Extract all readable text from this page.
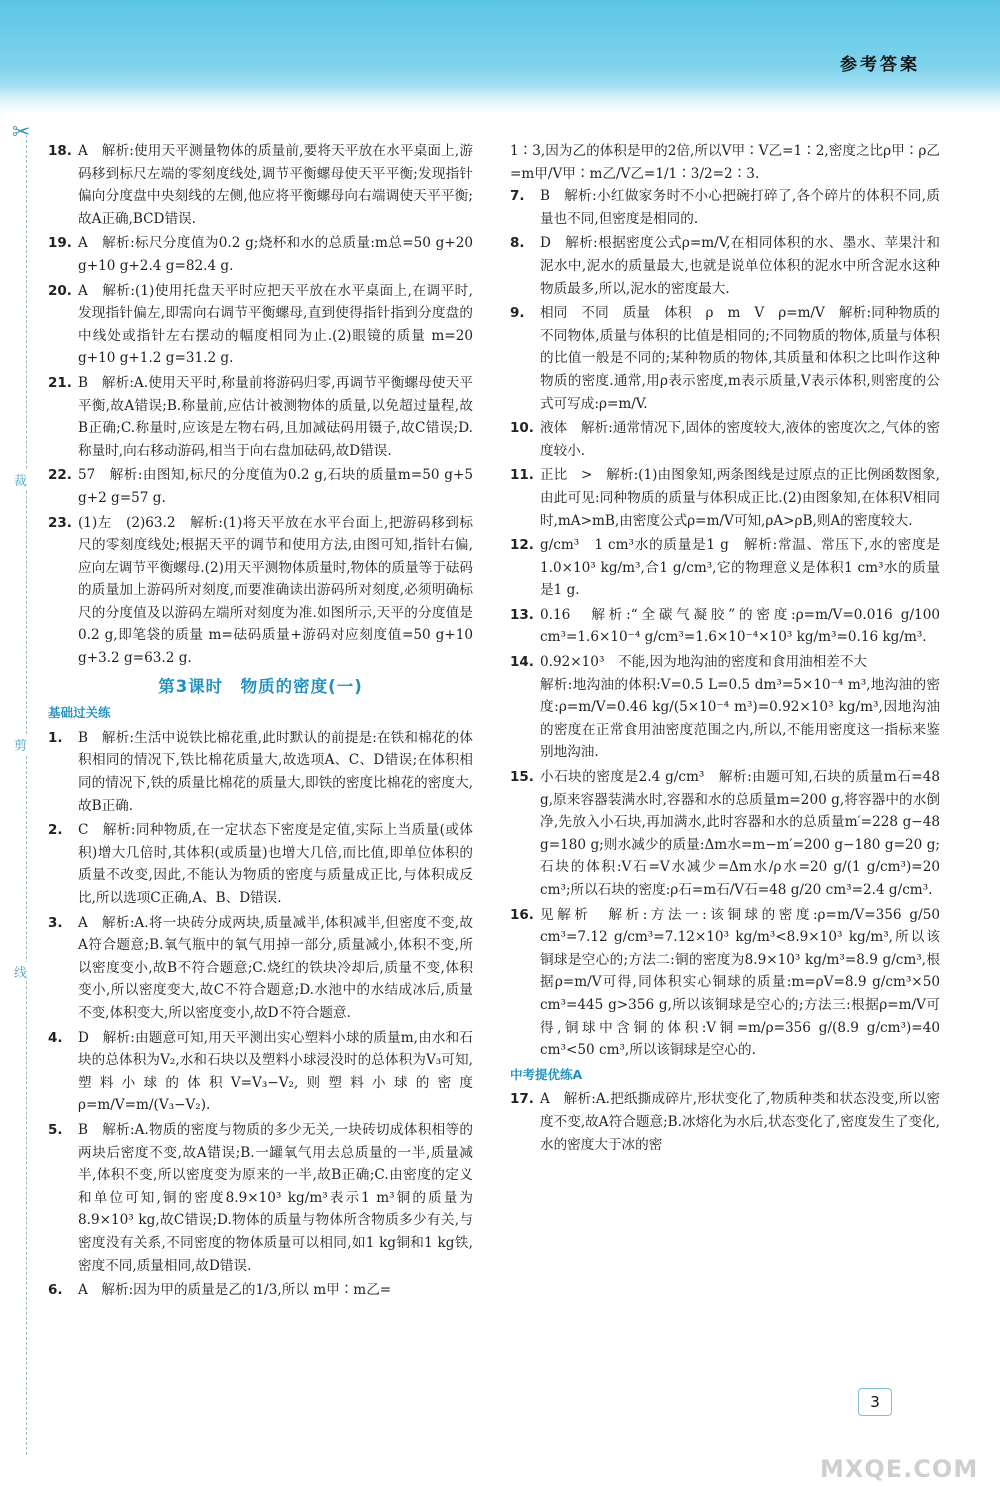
参考答案
✂
裁
剪
线
18. A　解析:使用天平测量物体的质量前,要将天平放在水平桌面上,游码移到标尺左端的零刻度线处,调节平衡螺母使天平平衡;发现指针偏向分度盘中央刻线的左侧,他应将平衡螺母向右端调使天平平衡;故A正确,BCD错误.
19. A　解析:标尺分度值为0.2 g;烧杯和水的总质量:m总=50 g+20 g+10 g+2.4 g=82.4 g.
20. A　解析:(1)使用托盘天平时应把天平放在水平桌面上,在调平时,发现指针偏左,即需向右调节平衡螺母,直到使得指针指到分度盘的中线处或指针左右摆动的幅度相同为止.(2)眼镜的质量 m=20 g+10 g+1.2 g=31.2 g.
21. B　解析:A.使用天平时,称量前将游码归零,再调节平衡螺母使天平平衡,故A错误;B.称量前,应估计被测物体的质量,以免超过量程,故B正确;C.称量时,应该是左物右码,且加减砝码用镊子,故C错误;D.称量时,向右移动游码,相当于向右盘加砝码,故D错误.
22. 57　解析:由图知,标尺的分度值为0.2 g,石块的质量m=50 g+5 g+2 g=57 g.
23. (1)左　(2)63.2　解析:(1)将天平放在水平台面上,把游码移到标尺的零刻度线处;根据天平的调节和使用方法,由图可知,指针右偏,应向左调节平衡螺母.(2)用天平测物体质量时,物体的质量等于砝码的质量加上游码所对刻度,而要准确读出游码所对刻度,必须明确标尺的分度值及以游码左端所对刻度为准.如图所示,天平的分度值是0.2 g,即笔袋的质量 m=砝码质量+游码对应刻度值=50 g+10 g+3.2 g=63.2 g.
第3课时　物质的密度(一)
基础过关练
1.	B　解析:生活中说铁比棉花重,此时默认的前提是:在铁和棉花的体积相同的情况下,铁比棉花质量大,故选项A、C、D错误;在体积相同的情况下,铁的质量比棉花的质量大,即铁的密度比棉花的密度大,故B正确.
2.	C　解析:同种物质,在一定状态下密度是定值,实际上当质量(或体积)增大几倍时,其体积(或质量)也增大几倍,而比值,即单位体积的质量不改变,因此,不能认为物质的密度与质量成正比,与体积成反比,所以选项C正确,A、B、D错误.
3.	A　解析:A.将一块砖分成两块,质量减半,体积减半,但密度不变,故A符合题意;B.氧气瓶中的氧气用掉一部分,质量减小,体积不变,所以密度变小,故B不符合题意;C.烧红的铁块冷却后,质量不变,体积变小,所以密度变大,故C不符合题意;D.水池中的水结成冰后,质量不变,体积变大,所以密度变小,故D不符合题意.
4.	D　解析:由题意可知,用天平测出实心塑料小球的质量m,由水和石块的总体积为V₂,水和石块以及塑料小球浸没时的总体积为V₃可知,塑料小球的体积V=V₃−V₂,则塑料小球的密度 ρ=m/V=m/(V₃−V₂).
5.	B　解析:A.物质的密度与物质的多少无关,一块砖切成体积相等的两块后密度不变,故A错误;B.一罐氧气用去总质量的一半,质量减半,体积不变,所以密度变为原来的一半,故B正确;C.由密度的定义和单位可知,铜的密度8.9×10³ kg/m³表示1 m³铜的质量为8.9×10³ kg,故C错误;D.物体的质量与物体所含物质多少有关,与密度没有关系,不同密度的物体质量可以相同,如1 kg铜和1 kg铁,密度不同,质量相同,故D错误.
6.	A　解析:因为甲的质量是乙的1/3,所以 m甲∶m乙=
1∶3,因为乙的体积是甲的2倍,所以V甲∶V乙=1∶2,密度之比ρ甲∶ρ乙=m甲/V甲∶m乙/V乙=1/1∶3/2=2∶3.
7.	B　解析:小红做家务时不小心把碗打碎了,各个碎片的体积不同,质量也不同,但密度是相同的.
8.	D　解析:根据密度公式ρ=m/V,在相同体积的水、墨水、苹果汁和泥水中,泥水的质量最大,也就是说单位体积的泥水中所含泥水这种物质最多,所以,泥水的密度最大.
9.	相同　不同　质量　体积　ρ　m　V　ρ=m/V　解析:同种物质的不同物体,质量与体积的比值是相同的;不同物质的物体,质量与体积的比值一般是不同的;某种物质的物体,其质量和体积之比叫作这种物质的密度.通常,用ρ表示密度,m表示质量,V表示体积,则密度的公式可写成:ρ=m/V.
10. 液体　解析:通常情况下,固体的密度较大,液体的密度次之,气体的密度较小.
11. 正比　>　解析:(1)由图象知,两条图线是过原点的正比例函数图象,由此可见:同种物质的质量与体积成正比.(2)由图象知,在体积V相同时,mA>mB,由密度公式ρ=m/V可知,ρA>ρB,则A的密度较大.
12. g/cm³　1 cm³水的质量是1 g　解析:常温、常压下,水的密度是1.0×10³ kg/m³,合1 g/cm³,它的物理意义是体积1 cm³水的质量是1 g.
13. 0.16　解析:“全碳气凝胶”的密度:ρ=m/V=0.016 g/100 cm³=1.6×10⁻⁴ g/cm³=1.6×10⁻⁴×10³ kg/m³=0.16 kg/m³.
14. 0.92×10³　不能,因为地沟油的密度和食用油相差不大
解析:地沟油的体积:V=0.5 L=0.5 dm³=5×10⁻⁴ m³,地沟油的密度:ρ=m/V=0.46 kg/(5×10⁻⁴ m³)=0.92×10³ kg/m³,因地沟油的密度在正常食用油密度范围之内,所以,不能用密度这一指标来鉴别地沟油.
15. 小石块的密度是2.4 g/cm³　解析:由题可知,石块的质量m石=48 g,原来容器装满水时,容器和水的总质量m=200 g,将容器中的水倒净,先放入小石块,再加满水,此时容器和水的总质量m′=228 g−48 g=180 g;则水减少的质量:Δm水=m−m′=200 g−180 g=20 g;石块的体积:V石=V水减少=Δm水/ρ水=20 g/(1 g/cm³)=20 cm³;所以石块的密度:ρ石=m石/V石=48 g/20 cm³=2.4 g/cm³.
16. 见解析　解析:方法一:该铜球的密度:ρ=m/V=356 g/50 cm³=7.12 g/cm³=7.12×10³ kg/m³<8.9×10³ kg/m³,所以该铜球是空心的;方法二:铜的密度为8.9×10³ kg/m³=8.9 g/cm³,根据ρ=m/V可得,同体积实心铜球的质量:m=ρV=8.9 g/cm³×50 cm³=445 g>356 g,所以该铜球是空心的;方法三:根据ρ=m/V可得,铜球中含铜的体积:V铜=m/ρ=356 g/(8.9 g/cm³)=40 cm³<50 cm³,所以该铜球是空心的.
中考提优练A
17. A　解析:A.把纸撕成碎片,形状变化了,物质种类和状态没变,所以密度不变,故A符合题意;B.冰熔化为水后,状态变化了,密度发生了变化,水的密度大于冰的密
3
MXQE.COM
